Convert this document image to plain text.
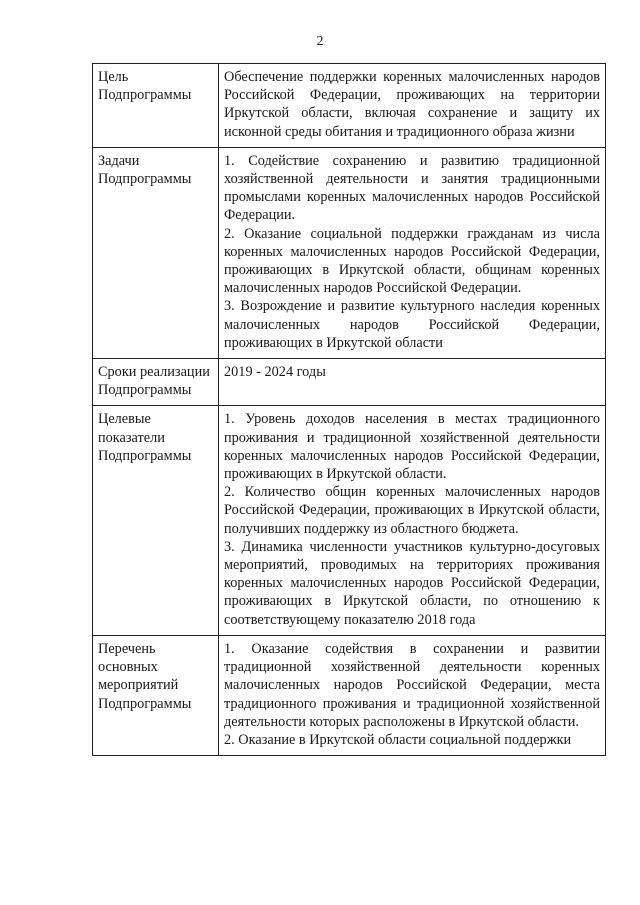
2
Цель Подпрограммы	Обеспечение поддержки коренных малочисленных народов Российской Федерации, проживающих на территории Иркутской области, включая сохранение и защиту их исконной среды обитания и традиционного образа жизни

Задачи Подпрограммы	1. Содействие сохранению и развитию традиционной хозяйственной деятельности и занятия традиционными промыслами коренных малочисленных народов Российской Федерации.
2. Оказание социальной поддержки гражданам из числа коренных малочисленных народов Российской Федерации, проживающих в Иркутской области, общинам коренных малочисленных народов Российской Федерации.
3. Возрождение и развитие культурного наследия коренных малочисленных народов Российской Федерации, проживающих в Иркутской области

Сроки реализации Подпрограммы	2019 - 2024 годы

Целевые показатели Подпрограммы	1. Уровень доходов населения в местах традиционного проживания и традиционной хозяйственной деятельности коренных малочисленных народов Российской Федерации, проживающих в Иркутской области.
2. Количество общин коренных малочисленных народов Российской Федерации, проживающих в Иркутской области, получивших поддержку из областного бюджета.
3. Динамика численности участников культурно-досуговых мероприятий, проводимых на территориях проживания коренных малочисленных народов Российской Федерации, проживающих в Иркутской области, по отношению к соответствующему показателю 2018 года

Перечень основных мероприятий Подпрограммы	1. Оказание содействия в сохранении и развитии традиционной хозяйственной деятельности коренных малочисленных народов Российской Федерации, места традиционного проживания и традиционной хозяйственной деятельности которых расположены в Иркутской области.
2. Оказание в Иркутской области социальной поддержки
